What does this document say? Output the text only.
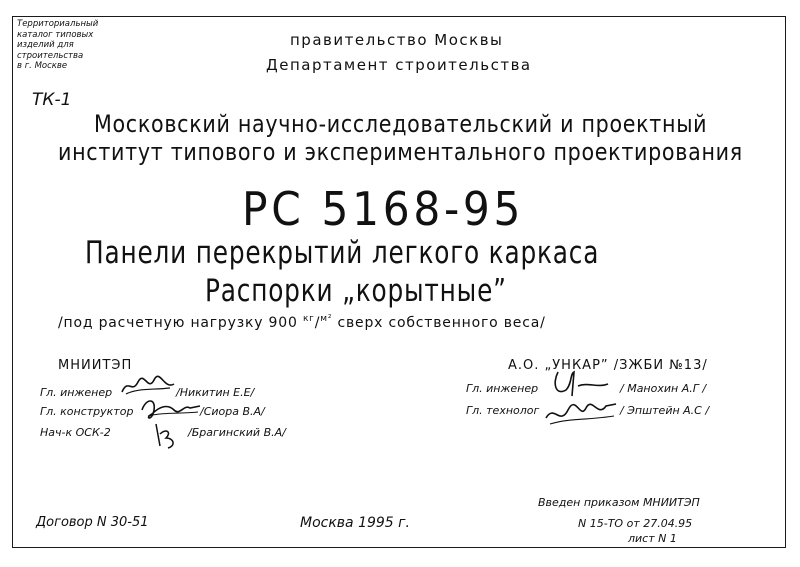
Территориальный
каталог типовых
изделий для
строительства
в г. Москве
ТК-1
правительство Москвы
Департамент строительства
Московский научно-исследовательский и проектный
институт типового и экспериментального проектирования
РС 5168-95
Панели перекрытий легкого каркаса
Распорки „корытные”
/под расчетную нагрузку 900 $^{кг}$/$^{м^2}$ сверх собственного веса/
МНИИТЭП
Гл. инженер	/Никитин Е.Е/
Гл. конструктор	/Сиора В.А/
Нач-к ОСК-2	/Брагинский В.А/
А.О. „УНКАР” /ЗЖБИ №13/
Гл. инженер	/ Манохин А.Г /
Гл. технолог	/ Эпштейн А.С /
Договор N 30-51	Москва 1995 г.
Введен приказом МНИИТЭП
N 15-ТО от 27.04.95
лист N 1
